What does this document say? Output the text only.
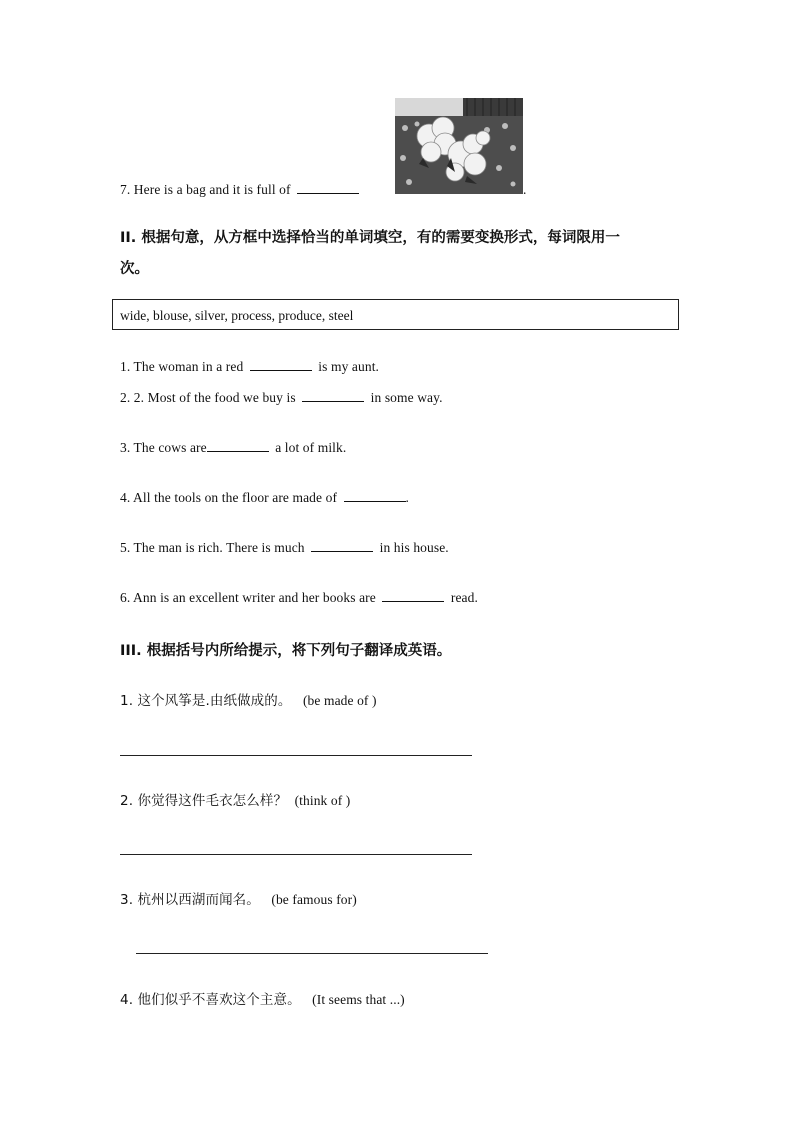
7. Here is a bag and it is full of	.
II. 根据句意，从方框中选择恰当的单词填空，有的需要变换形式，每词限用一
次。
wide, blouse, silver, process, produce, steel
1. The woman in a red	is my aunt.
2. 2. Most of the food we buy is	in some way.
3. The cows are	a lot of milk.
4. All the tools on the floor are made of	.
5. The man is rich. There is much	in his house.
6. Ann is an excellent writer and her books are	read.
III. 根据括号内所给提示，将下列句子翻译成英语。
1. 这个风筝是.由纸做成的。 (be made of )
2. 你觉得这件毛衣怎么样？ (think of )
3. 杭州以西湖而闻名。 (be famous for)
4. 他们似乎不喜欢这个主意。 (It seems that ...)
